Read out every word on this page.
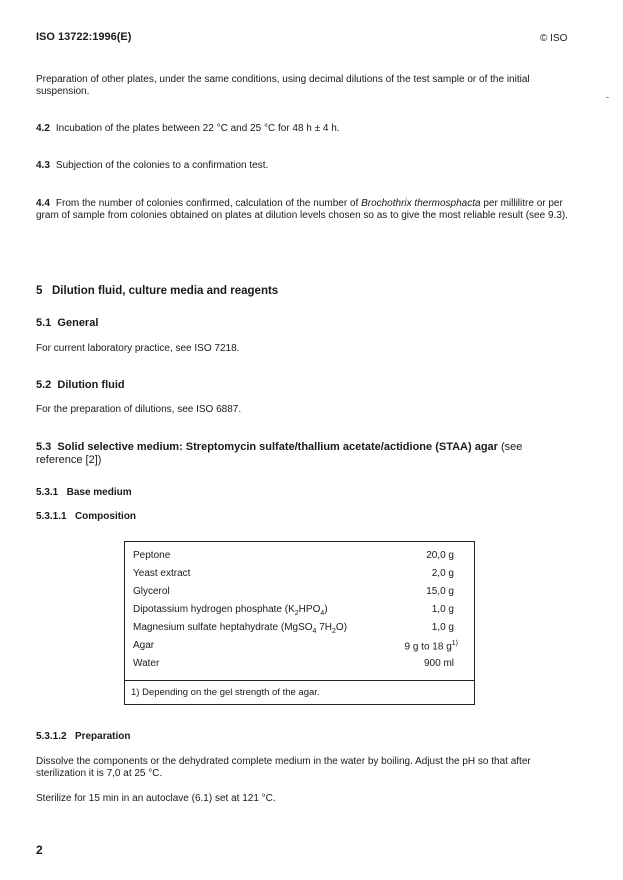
ISO 13722:1996(E)	© ISO

Preparation of other plates, under the same conditions, using decimal dilutions of the test sample or of the initial suspension.

4.2 Incubation of the plates between 22 °C and 25 °C for 48 h ± 4 h.

4.3 Subjection of the colonies to a confirmation test.

4.4 From the number of colonies confirmed, calculation of the number of Brochothrix thermosphacta per millilitre or per gram of sample from colonies obtained on plates at dilution levels chosen so as to give the most reliable result (see 9.3).

5 Dilution fluid, culture media and reagents
5.1 General

For current laboratory practice, see ISO 7218.

5.2 Dilution fluid

For the preparation of dilutions, see ISO 6887.

5.3 Solid selective medium: Streptomycin sulfate/thallium acetate/actidione (STAA) agar (see reference [2])
5.3.1 Base medium
5.3.1.1 Composition
Peptone	20,0 g
Yeast extract	2,0 g
Glycerol	15,0 g
Dipotassium hydrogen phosphate $(K_2HPO_4)$	1,0 g
Magnesium sulfate heptahydrate (MgSO$_4$ $7H_2O$)	1,0 g
Agar	9 g to 18 $g^{1)}$
Water	900 ml
1) Depending on the gel strength of the agar.
5.3.1.2 Preparation

Dissolve the components or the dehydrated complete medium in the water by boiling. Adjust the pH so that after sterilization it is 7,0 at 25 °C.

Sterilize for 15 min in an autoclave (6.1) set at 121 °C.

2
